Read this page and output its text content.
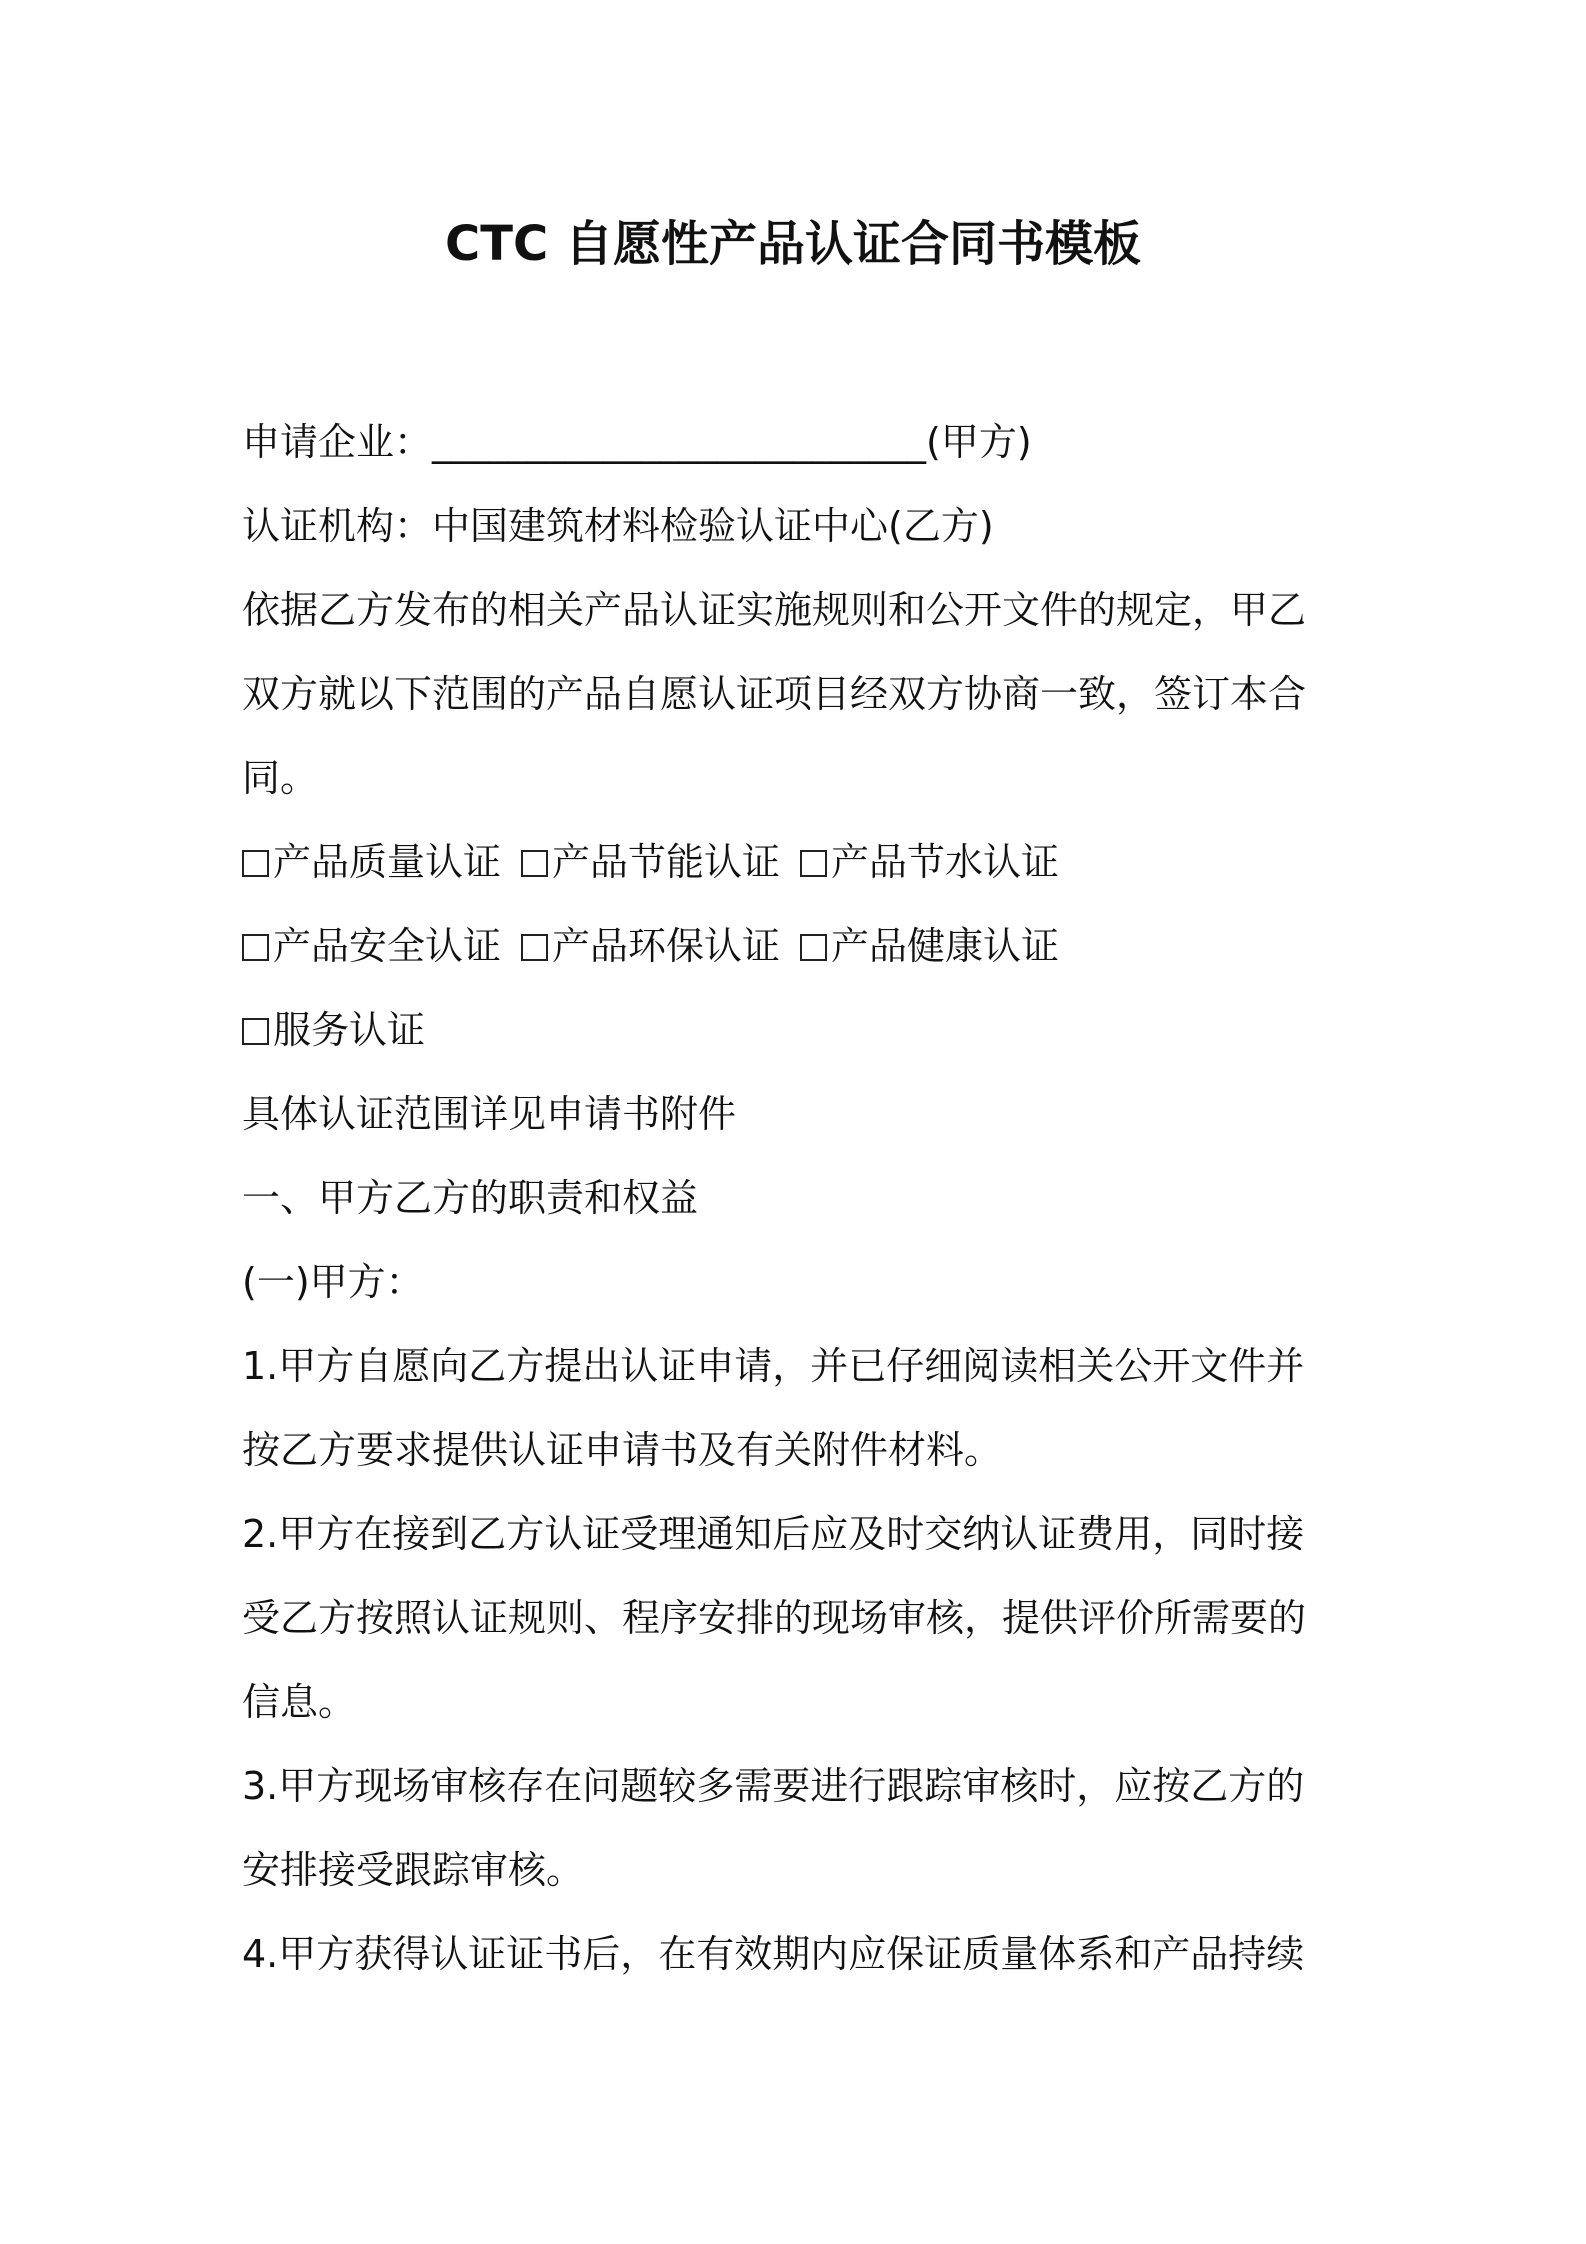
CTC 自愿性产品认证合同书模板

申请企业：__________________________(甲方)

认证机构：中国建筑材料检验认证中心(乙方)

依据乙方发布的相关产品认证实施规则和公开文件的规定，甲乙

双方就以下范围的产品自愿认证项目经双方协商一致，签订本合

同。

产品质量认证 产品节能认证 产品节水认证
产品安全认证 产品环保认证 产品健康认证
服务认证

具体认证范围详见申请书附件

一、甲方乙方的职责和权益

(一)甲方：

1.甲方自愿向乙方提出认证申请，并已仔细阅读相关公开文件并

按乙方要求提供认证申请书及有关附件材料。

2.甲方在接到乙方认证受理通知后应及时交纳认证费用，同时接

受乙方按照认证规则、程序安排的现场审核，提供评价所需要的

信息。

3.甲方现场审核存在问题较多需要进行跟踪审核时，应按乙方的

安排接受跟踪审核。

4.甲方获得认证证书后，在有效期内应保证质量体系和产品持续
